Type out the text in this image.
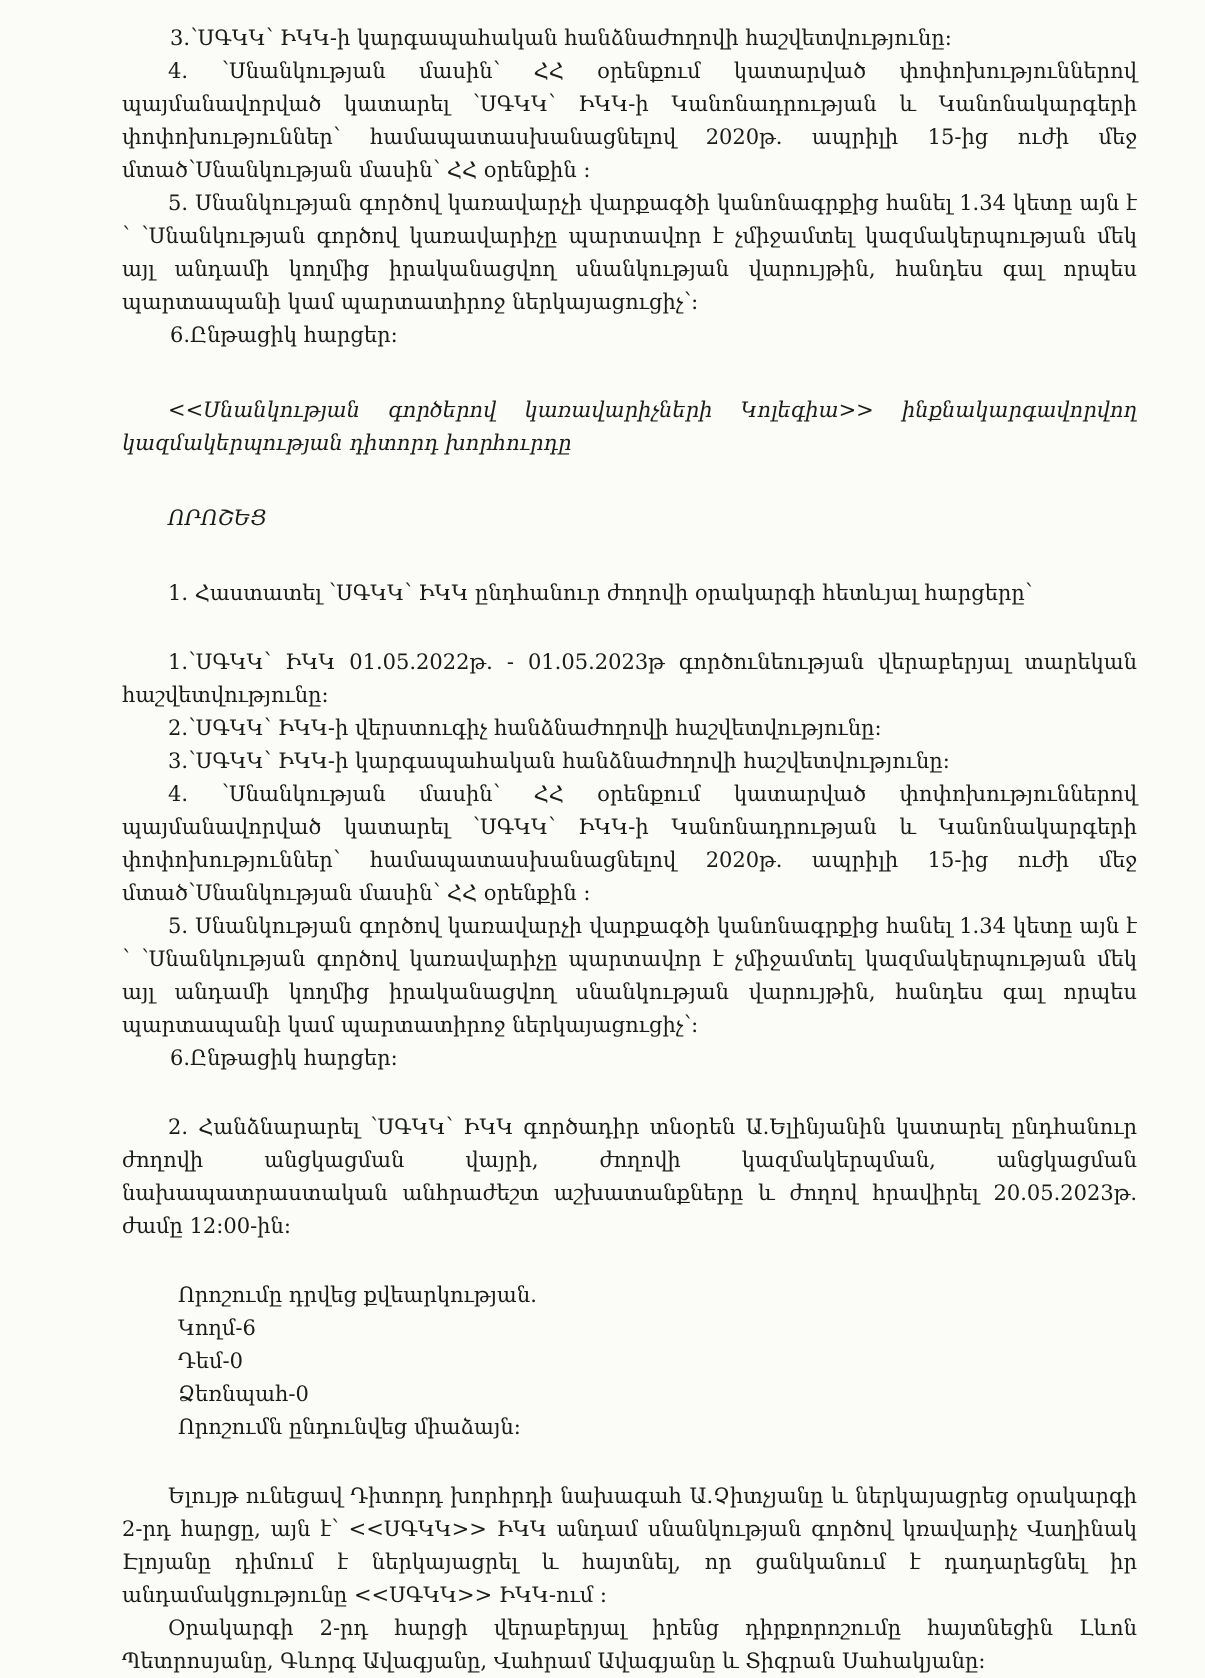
3.՝ՍԳԿԿ՝ ԻԿԿ-ի կարգապահական հանձնաժողովի հաշվետվությունը:

4. ՝Սնանկության մասին՝ ՀՀ օրենքում կատարված փոփոխություններով պայմանավորված կատարել ՝ՍԳԿԿ՝ ԻԿԿ-ի Կանոնադրության և Կանոնակարգերի փոփոխություններ՝ համապատասխանացնելով 2020թ. ապրիլի 15-ից ուժի մեջ մտած՝Սնանկության մասին՝ ՀՀ օրենքին :

5. Սնանկության գործով կառավարչի վարքագծի կանոնագրքից հանել 1.34 կետը այն է ՝ ՝Սնանկության գործով կառավարիչը պարտավոր է չմիջամտել կազմակերպության մեկ այլ անդամի կողմից իրականացվող սնանկության վարույթին, հանդես գալ որպես պարտապանի կամ պարտատիրոջ ներկայացուցիչ՝:

6.Ընթացիկ հարցեր:

<<Սնանկության գործերով կառավարիչների Կոլեգիա>> ինքնակարգավորվող կազմակերպության դիտորդ խորհուրդը

ՈՐՈՇԵՑ

1. Հաստատել ՝ՍԳԿԿ՝ ԻԿԿ ընդհանուր ժողովի օրակարգի հետևյալ հարցերը՝

1.՝ՍԳԿԿ՝ ԻԿԿ 01.05.2022թ. - 01.05.2023թ գործունեության վերաբերյալ տարեկան հաշվետվությունը:

2.՝ՍԳԿԿ՝ ԻԿԿ-ի վերստուգիչ հանձնաժողովի հաշվետվությունը:

3.՝ՍԳԿԿ՝ ԻԿԿ-ի կարգապահական հանձնաժողովի հաշվետվությունը:

4. ՝Սնանկության մասին՝ ՀՀ օրենքում կատարված փոփոխություններով պայմանավորված կատարել ՝ՍԳԿԿ՝ ԻԿԿ-ի Կանոնադրության և Կանոնակարգերի փոփոխություններ՝ համապատասխանացնելով 2020թ. ապրիլի 15-ից ուժի մեջ մտած՝Սնանկության մասին՝ ՀՀ օրենքին :

5. Սնանկության գործով կառավարչի վարքագծի կանոնագրքից հանել 1.34 կետը այն է ՝ ՝Սնանկության գործով կառավարիչը պարտավոր է չմիջամտել կազմակերպության մեկ այլ անդամի կողմից իրականացվող սնանկության վարույթին, հանդես գալ որպես պարտապանի կամ պարտատիրոջ ներկայացուցիչ՝:

6.Ընթացիկ հարցեր:

2. Հանձնարարել ՝ՍԳԿԿ՝ ԻԿԿ գործադիր տնօրեն Ա.Ելինյանին կատարել ընդհանուր ժողովի անցկացման վայրի, ժողովի կազմակերպման, անցկացման նախապատրաստական անհրաժեշտ աշխատանքները և ժողով հրավիրել 20.05.2023թ. ժամը 12:00-ին:

Որոշումը դրվեց քվեարկության.

Կողմ-6

Դեմ-0

Ձեռնպահ-0

Որոշումն ընդունվեց միաձայն:

Ելույթ ունեցավ Դիտորդ խորհրդի նախագահ Ա.Չիտչյանը և ներկայացրեց օրակարգի 2-րդ հարցը, այն է՝ <<ՍԳԿԿ>> ԻԿԿ անդամ սնանկության գործով կռավարիչ Վաղինակ Էլոյանը դիմում է ներկայացրել և հայտնել, որ ցանկանում է դադարեցնել իր անդամակցությունը <<ՍԳԿԿ>> ԻԿԿ-ում :

Օրակարգի 2-րդ հարցի վերաբերյալ իրենց դիրքորոշումը հայտնեցին Լևոն Պետրոսյանը, Գևորգ Ավագյանը, Վահրամ Ավագյանը և Տիգրան Սահակյանը:
